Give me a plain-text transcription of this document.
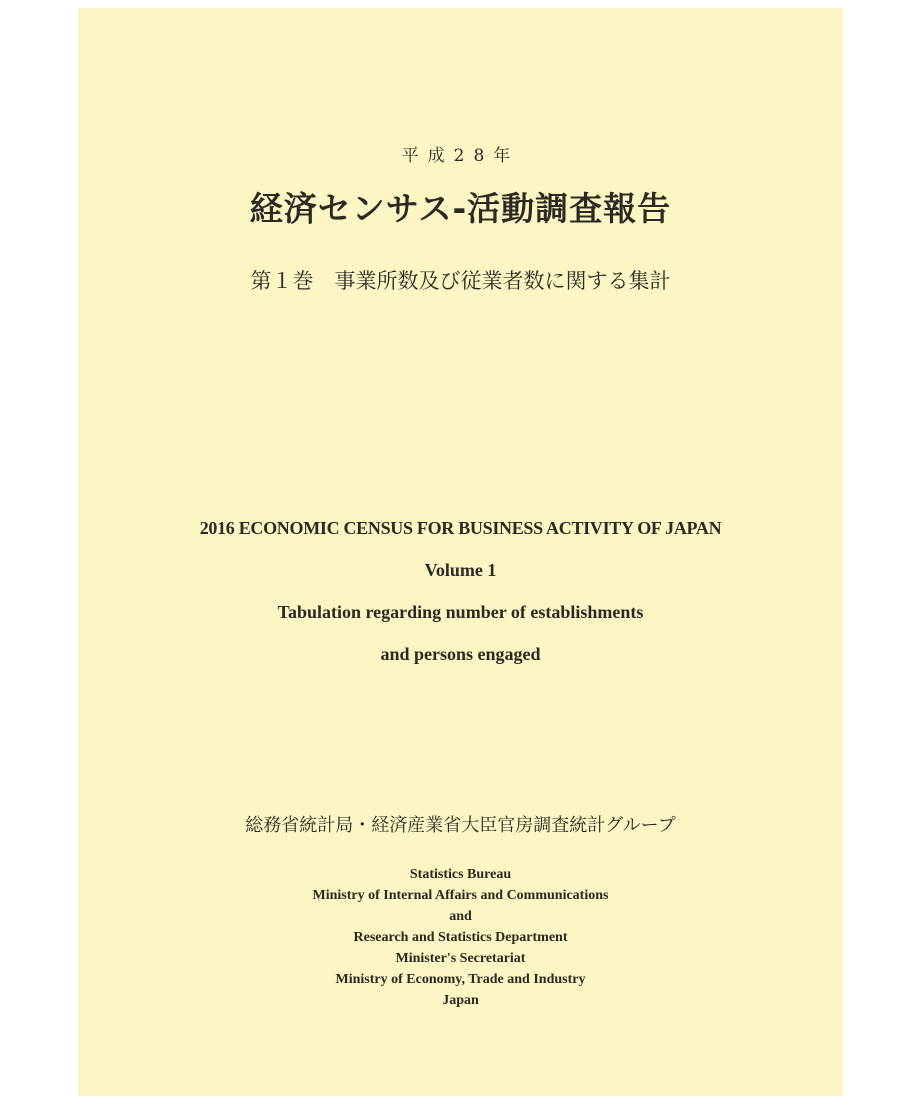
平成28年
経済センサス‐活動調査報告
第１巻　事業所数及び従業者数に関する集計
2016 ECONOMIC CENSUS FOR BUSINESS ACTIVITY OF JAPAN
Volume 1
Tabulation regarding number of establishments
and persons engaged
総務省統計局・経済産業省大臣官房調査統計グループ
Statistics Bureau
Ministry of Internal Affairs and Communications
and
Research and Statistics Department
Minister's Secretariat
Ministry of Economy, Trade and Industry
Japan
